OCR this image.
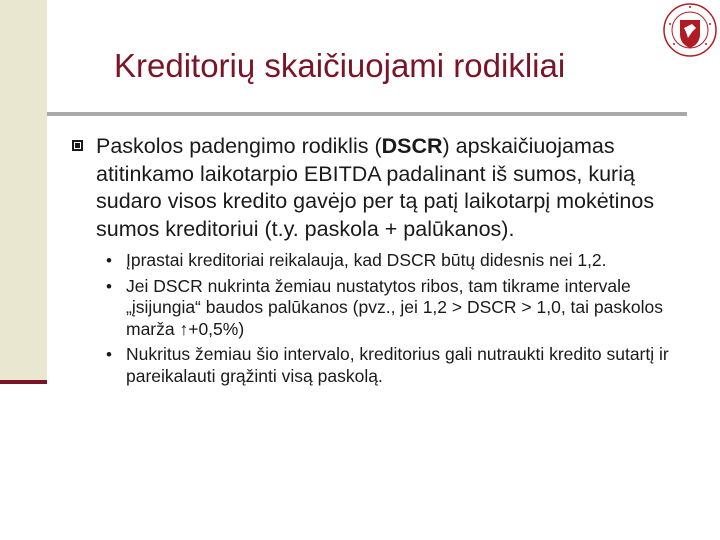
Kreditorių skaičiuojami rodikliai
Paskolos padengimo rodiklis (DSCR) apskaičiuojamas atitinkamo laikotarpio EBITDA padalinant iš sumos, kurią sudaro visos kredito gavėjo per tą patį laikotarpį mokėtinos sumos kreditoriui (t.y. paskola + palūkanos).
• Įprastai kreditoriai reikalauja, kad DSCR būtų didesnis nei 1,2.
• Jei DSCR nukrinta žemiau nustatytos ribos, tam tikrame intervale „įsijungia“ baudos palūkanos (pvz., jei 1,2 > DSCR > 1,0, tai paskolos marža ↑+0,5%)
• Nukritus žemiau šio intervalo, kreditorius gali nutraukti kredito sutartį ir pareikalauti grąžinti visą paskolą.
